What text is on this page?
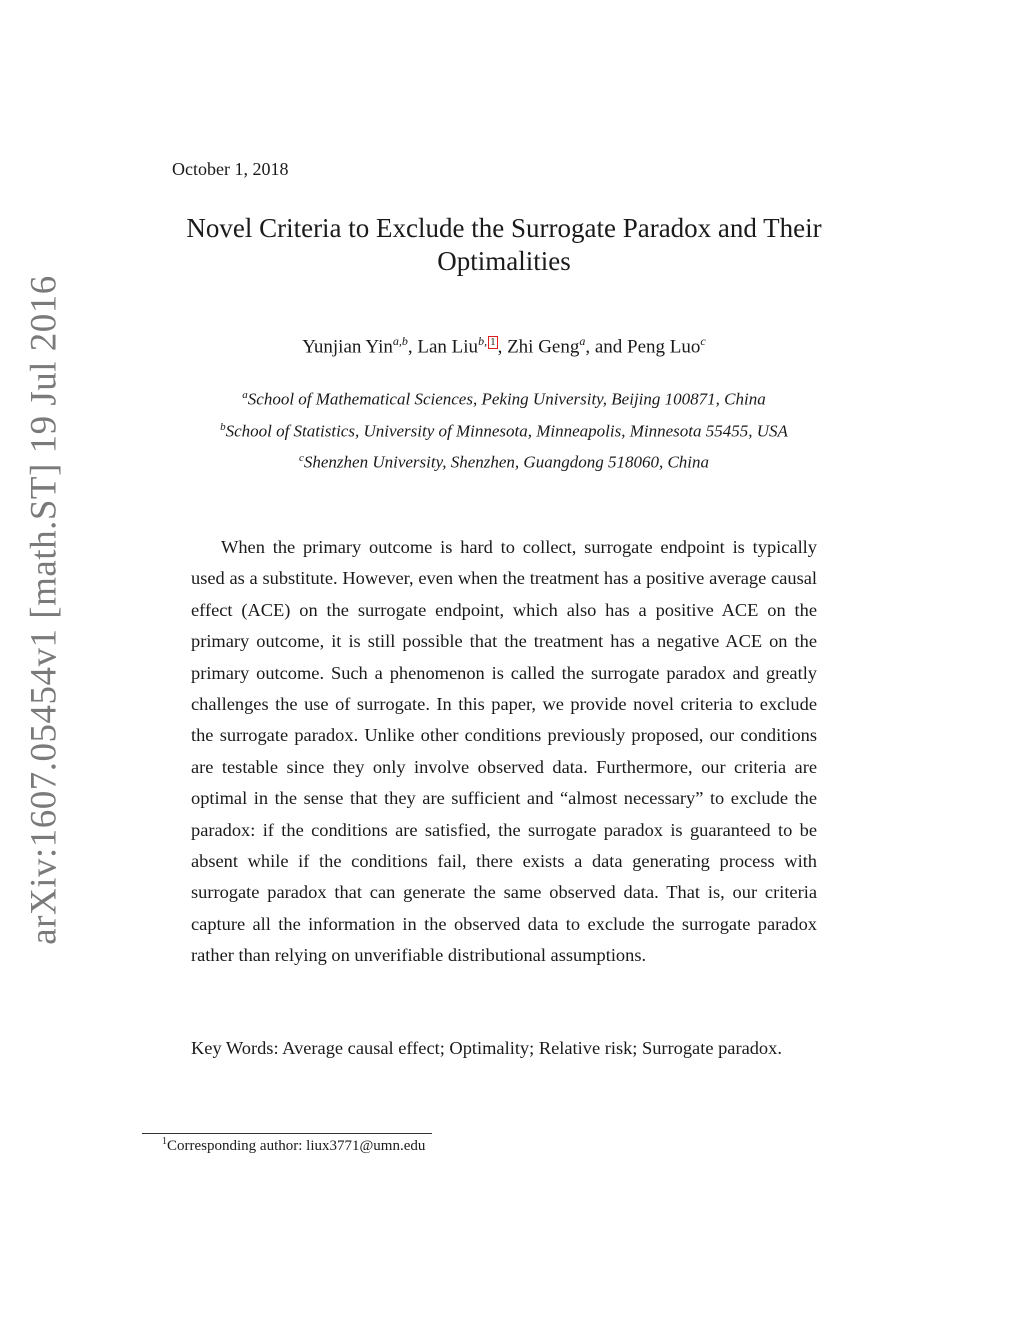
arXiv:1607.05454v1 [math.ST] 19 Jul 2016
October 1, 2018
Novel Criteria to Exclude the Surrogate Paradox and Their
Optimalities
Yunjian Yin$^{a,b}$, Lan Liu$^{b,}$ 1 , Zhi Geng$^a$, and Peng Luo$^c$
$^a$School of Mathematical Sciences, Peking University, Beijing 100871, China
$^b$School of Statistics, University of Minnesota, Minneapolis, Minnesota 55455, USA
$^c$Shenzhen University, Shenzhen, Guangdong 518060, China

When the primary outcome is hard to collect, surrogate endpoint is typically used as a substitute. However, even when the treatment has a positive average causal effect (ACE) on the surrogate endpoint, which also has a positive ACE on the primary outcome, it is still possible that the treatment has a negative ACE on the primary outcome. Such a phenomenon is called the surrogate paradox and greatly challenges the use of surrogate. In this paper, we provide novel criteria to exclude the surrogate paradox. Unlike other conditions previously proposed, our conditions are testable since they only involve observed data. Furthermore, our criteria are optimal in the sense that they are sufficient and “almost necessary” to exclude the paradox: if the conditions are satisfied, the surrogate paradox is guaranteed to be absent while if the conditions fail, there exists a data generating process with surrogate paradox that can generate the same observed data. That is, our criteria capture all the information in the observed data to exclude the surrogate paradox rather than relying on unverifiable distributional assumptions.

Key Words: Average causal effect; Optimality; Relative risk; Surrogate paradox.

$^1$Corresponding author: liux3771@umn.edu
